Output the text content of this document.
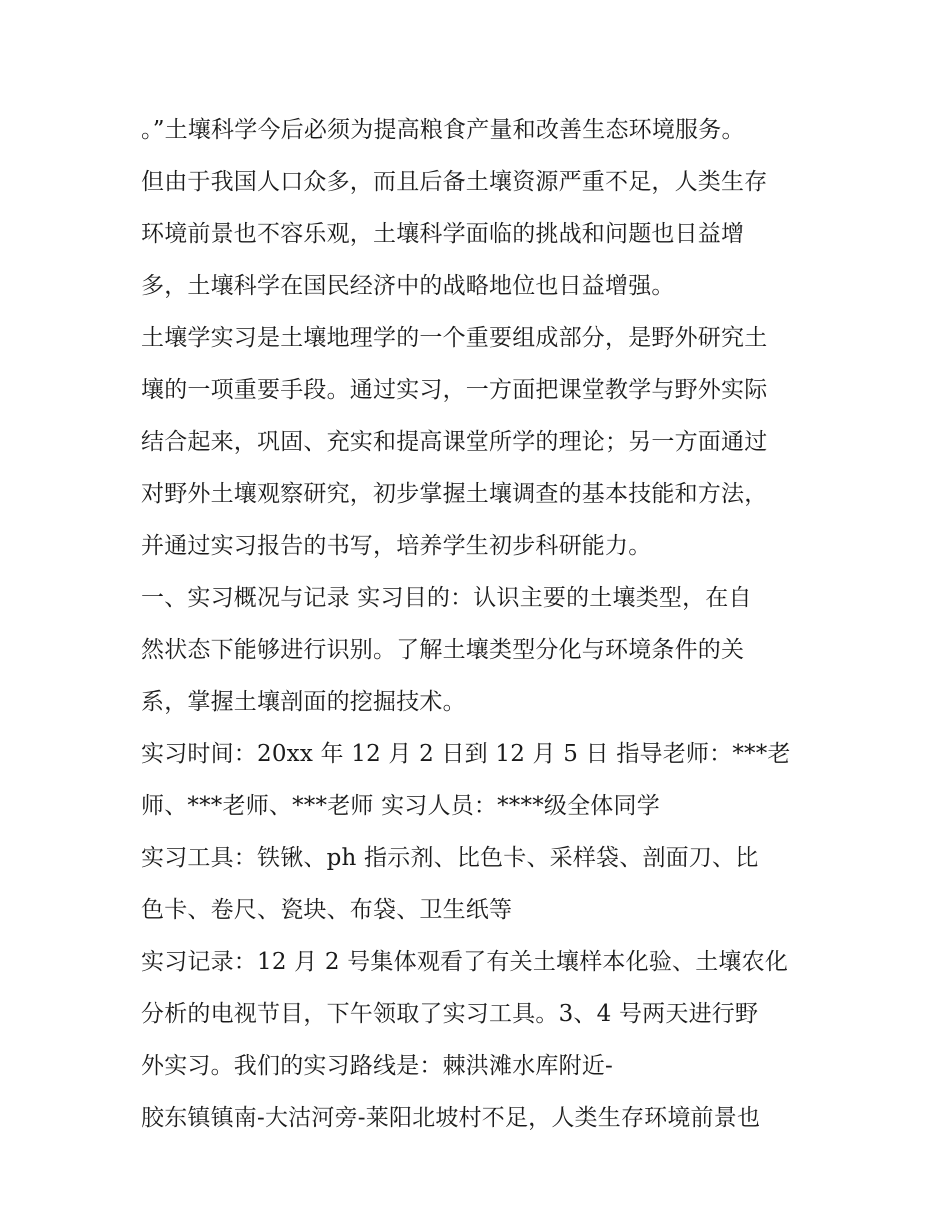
。”土壤科学今后必须为提高粮食产量和改善生态环境服务。
但由于我国人口众多，而且后备土壤资源严重不足，人类生存
环境前景也不容乐观，土壤科学面临的挑战和问题也日益增
多，土壤科学在国民经济中的战略地位也日益增强。
土壤学实习是土壤地理学的一个重要组成部分，是野外研究土
壤的一项重要手段。通过实习，一方面把课堂教学与野外实际
结合起来，巩固、充实和提高课堂所学的理论；另一方面通过
对野外土壤观察研究，初步掌握土壤调查的基本技能和方法，
并通过实习报告的书写，培养学生初步科研能力。
一、实习概况与记录 实习目的：认识主要的土壤类型，在自
然状态下能够进行识别。了解土壤类型分化与环境条件的关
系，掌握土壤剖面的挖掘技术。
实习时间：20xx 年 12 月 2 日到 12 月 5 日 指导老师：***老
师、***老师、***老师 实习人员：****级全体同学
实习工具：铁锹、ph 指示剂、比色卡、采样袋、剖面刀、比
色卡、卷尺、瓷块、布袋、卫生纸等
实习记录：12 月 2 号集体观看了有关土壤样本化验、土壤农化
分析的电视节目，下午领取了实习工具。3、4 号两天进行野
外实习。我们的实习路线是：棘洪滩水库附近-
胶东镇镇南-大沽河旁-莱阳北坡村不足，人类生存环境前景也
